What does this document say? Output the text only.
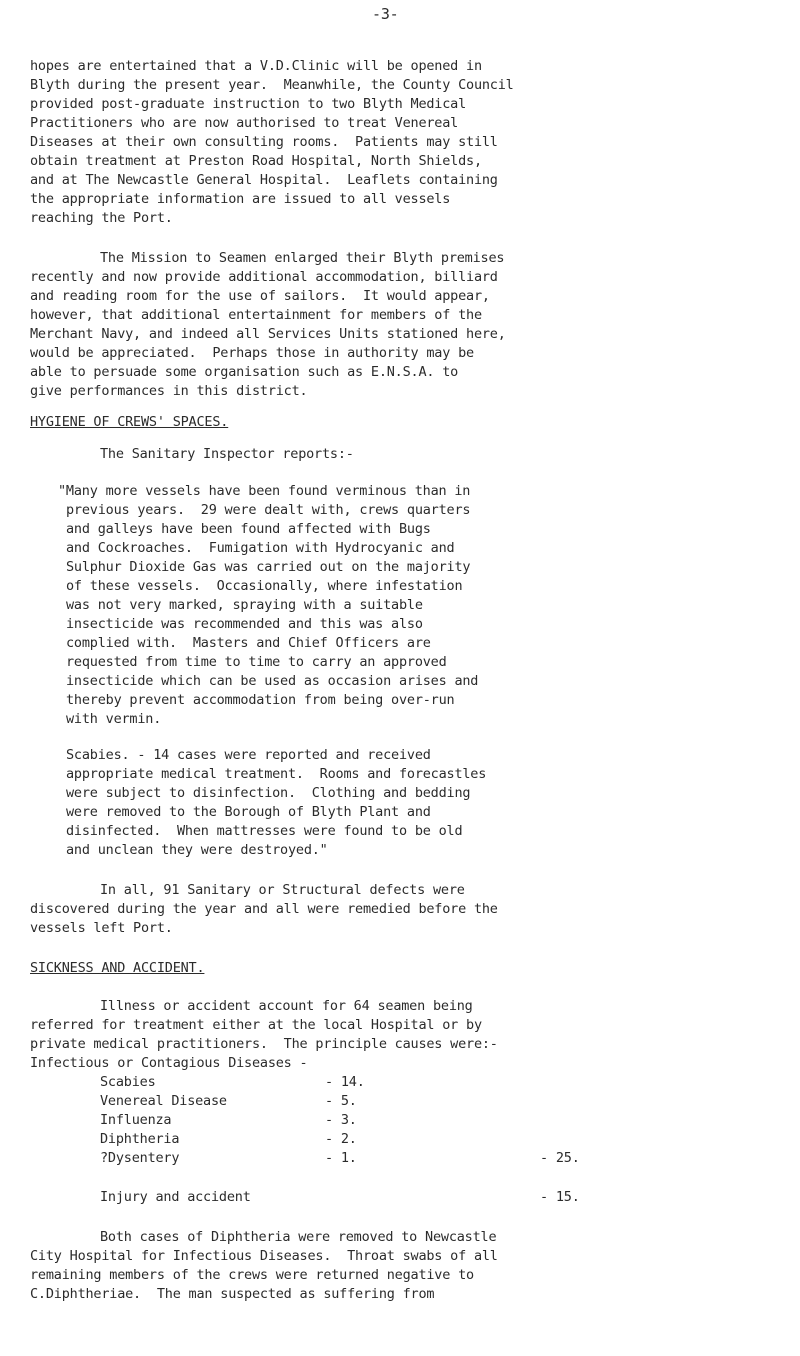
-3-
hopes are entertained that a V.D.Clinic will be opened in
Blyth during the present year.  Meanwhile, the County Council
provided post-graduate instruction to two Blyth Medical
Practitioners who are now authorised to treat Venereal
Diseases at their own consulting rooms.  Patients may still
obtain treatment at Preston Road Hospital, North Shields,
and at The Newcastle General Hospital.  Leaflets containing
the appropriate information are issued to all vessels
reaching the Port.
The Mission to Seamen enlarged their Blyth premises
recently and now provide additional accommodation, billiard
and reading room for the use of sailors.  It would appear,
however, that additional entertainment for members of the
Merchant Navy, and indeed all Services Units stationed here,
would be appreciated.  Perhaps those in authority may be
able to persuade some organisation such as E.N.S.A. to
give performances in this district.
HYGIENE OF CREWS' SPACES.
The Sanitary Inspector reports:-
"Many more vessels have been found verminous than in
previous years.  29 were dealt with, crews quarters
and galleys have been found affected with Bugs
and Cockroaches.  Fumigation with Hydrocyanic and
Sulphur Dioxide Gas was carried out on the majority
of these vessels.  Occasionally, where infestation
was not very marked, spraying with a suitable
insecticide was recommended and this was also
complied with.  Masters and Chief Officers are
requested from time to time to carry an approved
insecticide which can be used as occasion arises and
thereby prevent accommodation from being over-run
with vermin.
Scabies. - 14 cases were reported and received
appropriate medical treatment.  Rooms and forecastles
were subject to disinfection.  Clothing and bedding
were removed to the Borough of Blyth Plant and
disinfected.  When mattresses were found to be old
and unclean they were destroyed."
In all, 91 Sanitary or Structural defects were
discovered during the year and all were remedied before the
vessels left Port.
SICKNESS AND ACCIDENT.
Illness or accident account for 64 seamen being
referred for treatment either at the local Hospital or by
private medical practitioners.  The principle causes were:-
Infectious or Contagious Diseases -
Scabies	- 14.
Venereal Disease	- 5.
Influenza	- 3.
Diphtheria	- 2.
?Dysentery	- 1.	- 25.
Injury and accident	- 15.
Both cases of Diphtheria were removed to Newcastle
City Hospital for Infectious Diseases.  Throat swabs of all
remaining members of the crews were returned negative to
C.Diphtheriae.  The man suspected as suffering from
